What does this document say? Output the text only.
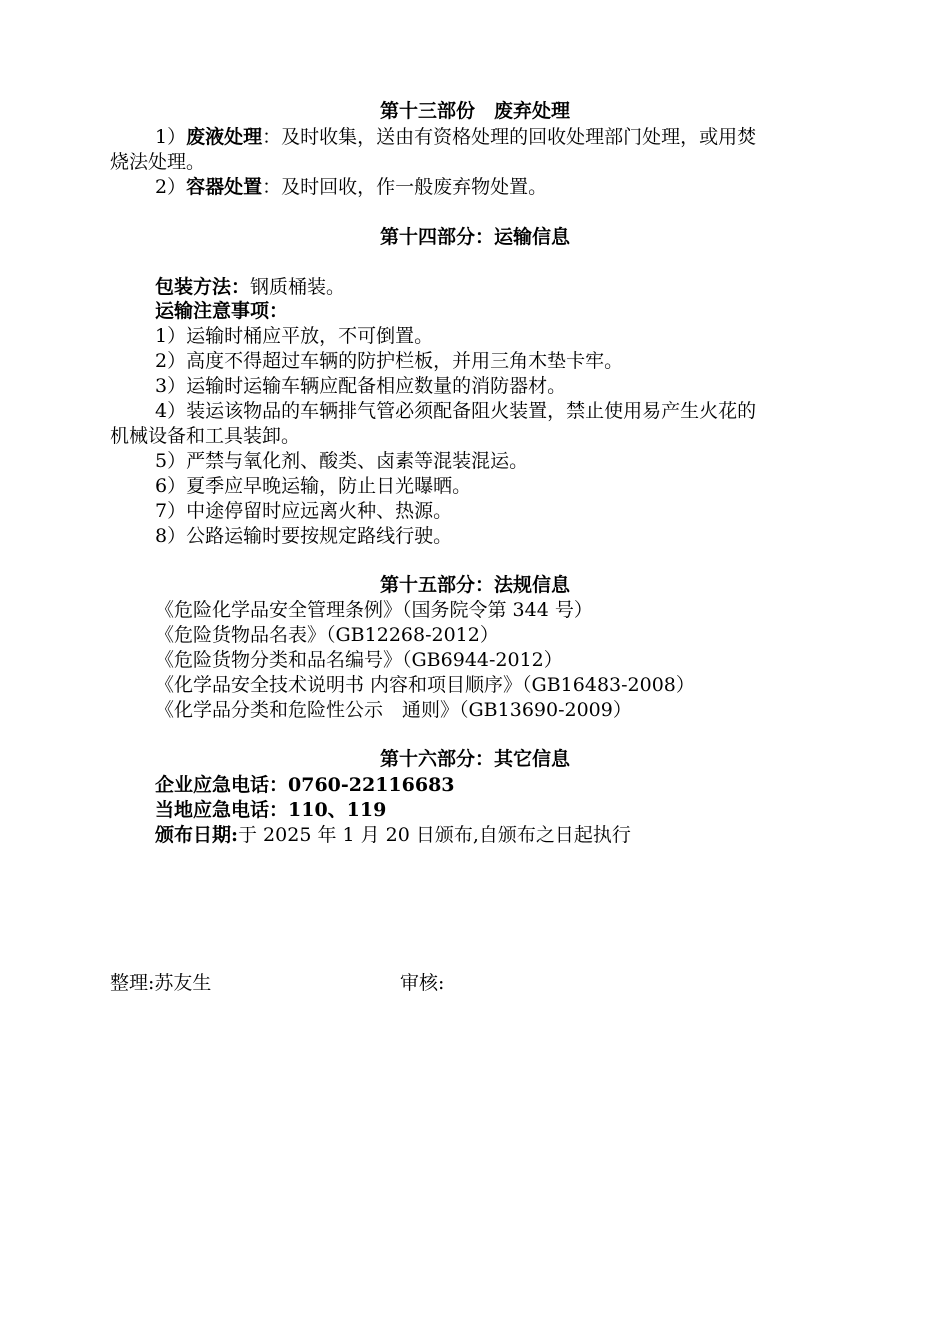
第十三部份　废弃处理
1）废液处理：及时收集，送由有资格处理的回收处理部门处理，或用焚
烧法处理。
2）容器处置：及时回收，作一般废弃物处置。
第十四部分：运输信息
包装方法：钢质桶装。
运输注意事项：
1）运输时桶应平放，不可倒置。
2）高度不得超过车辆的防护栏板，并用三角木垫卡牢。
3）运输时运输车辆应配备相应数量的消防器材。
4）装运该物品的车辆排气管必须配备阻火装置，禁止使用易产生火花的
机械设备和工具装卸。
5）严禁与氧化剂、酸类、卤素等混装混运。
6）夏季应早晚运输，防止日光曝晒。
7）中途停留时应远离火种、热源。
8）公路运输时要按规定路线行驶。
第十五部分：法规信息
《危险化学品安全管理条例》（国务院令第 344 号）
《危险货物品名表》（GB12268-2012）
《危险货物分类和品名编号》（GB6944-2012）
《化学品安全技术说明书 内容和项目顺序》（GB16483-2008）
《化学品分类和危险性公示　通则》（GB13690-2009）
第十六部分：其它信息
企业应急电话：0760-22116683
当地应急电话：110、119
颁布日期:于 2025 年 1 月 20 日颁布,自颁布之日起执行
整理:苏友生	审核:
